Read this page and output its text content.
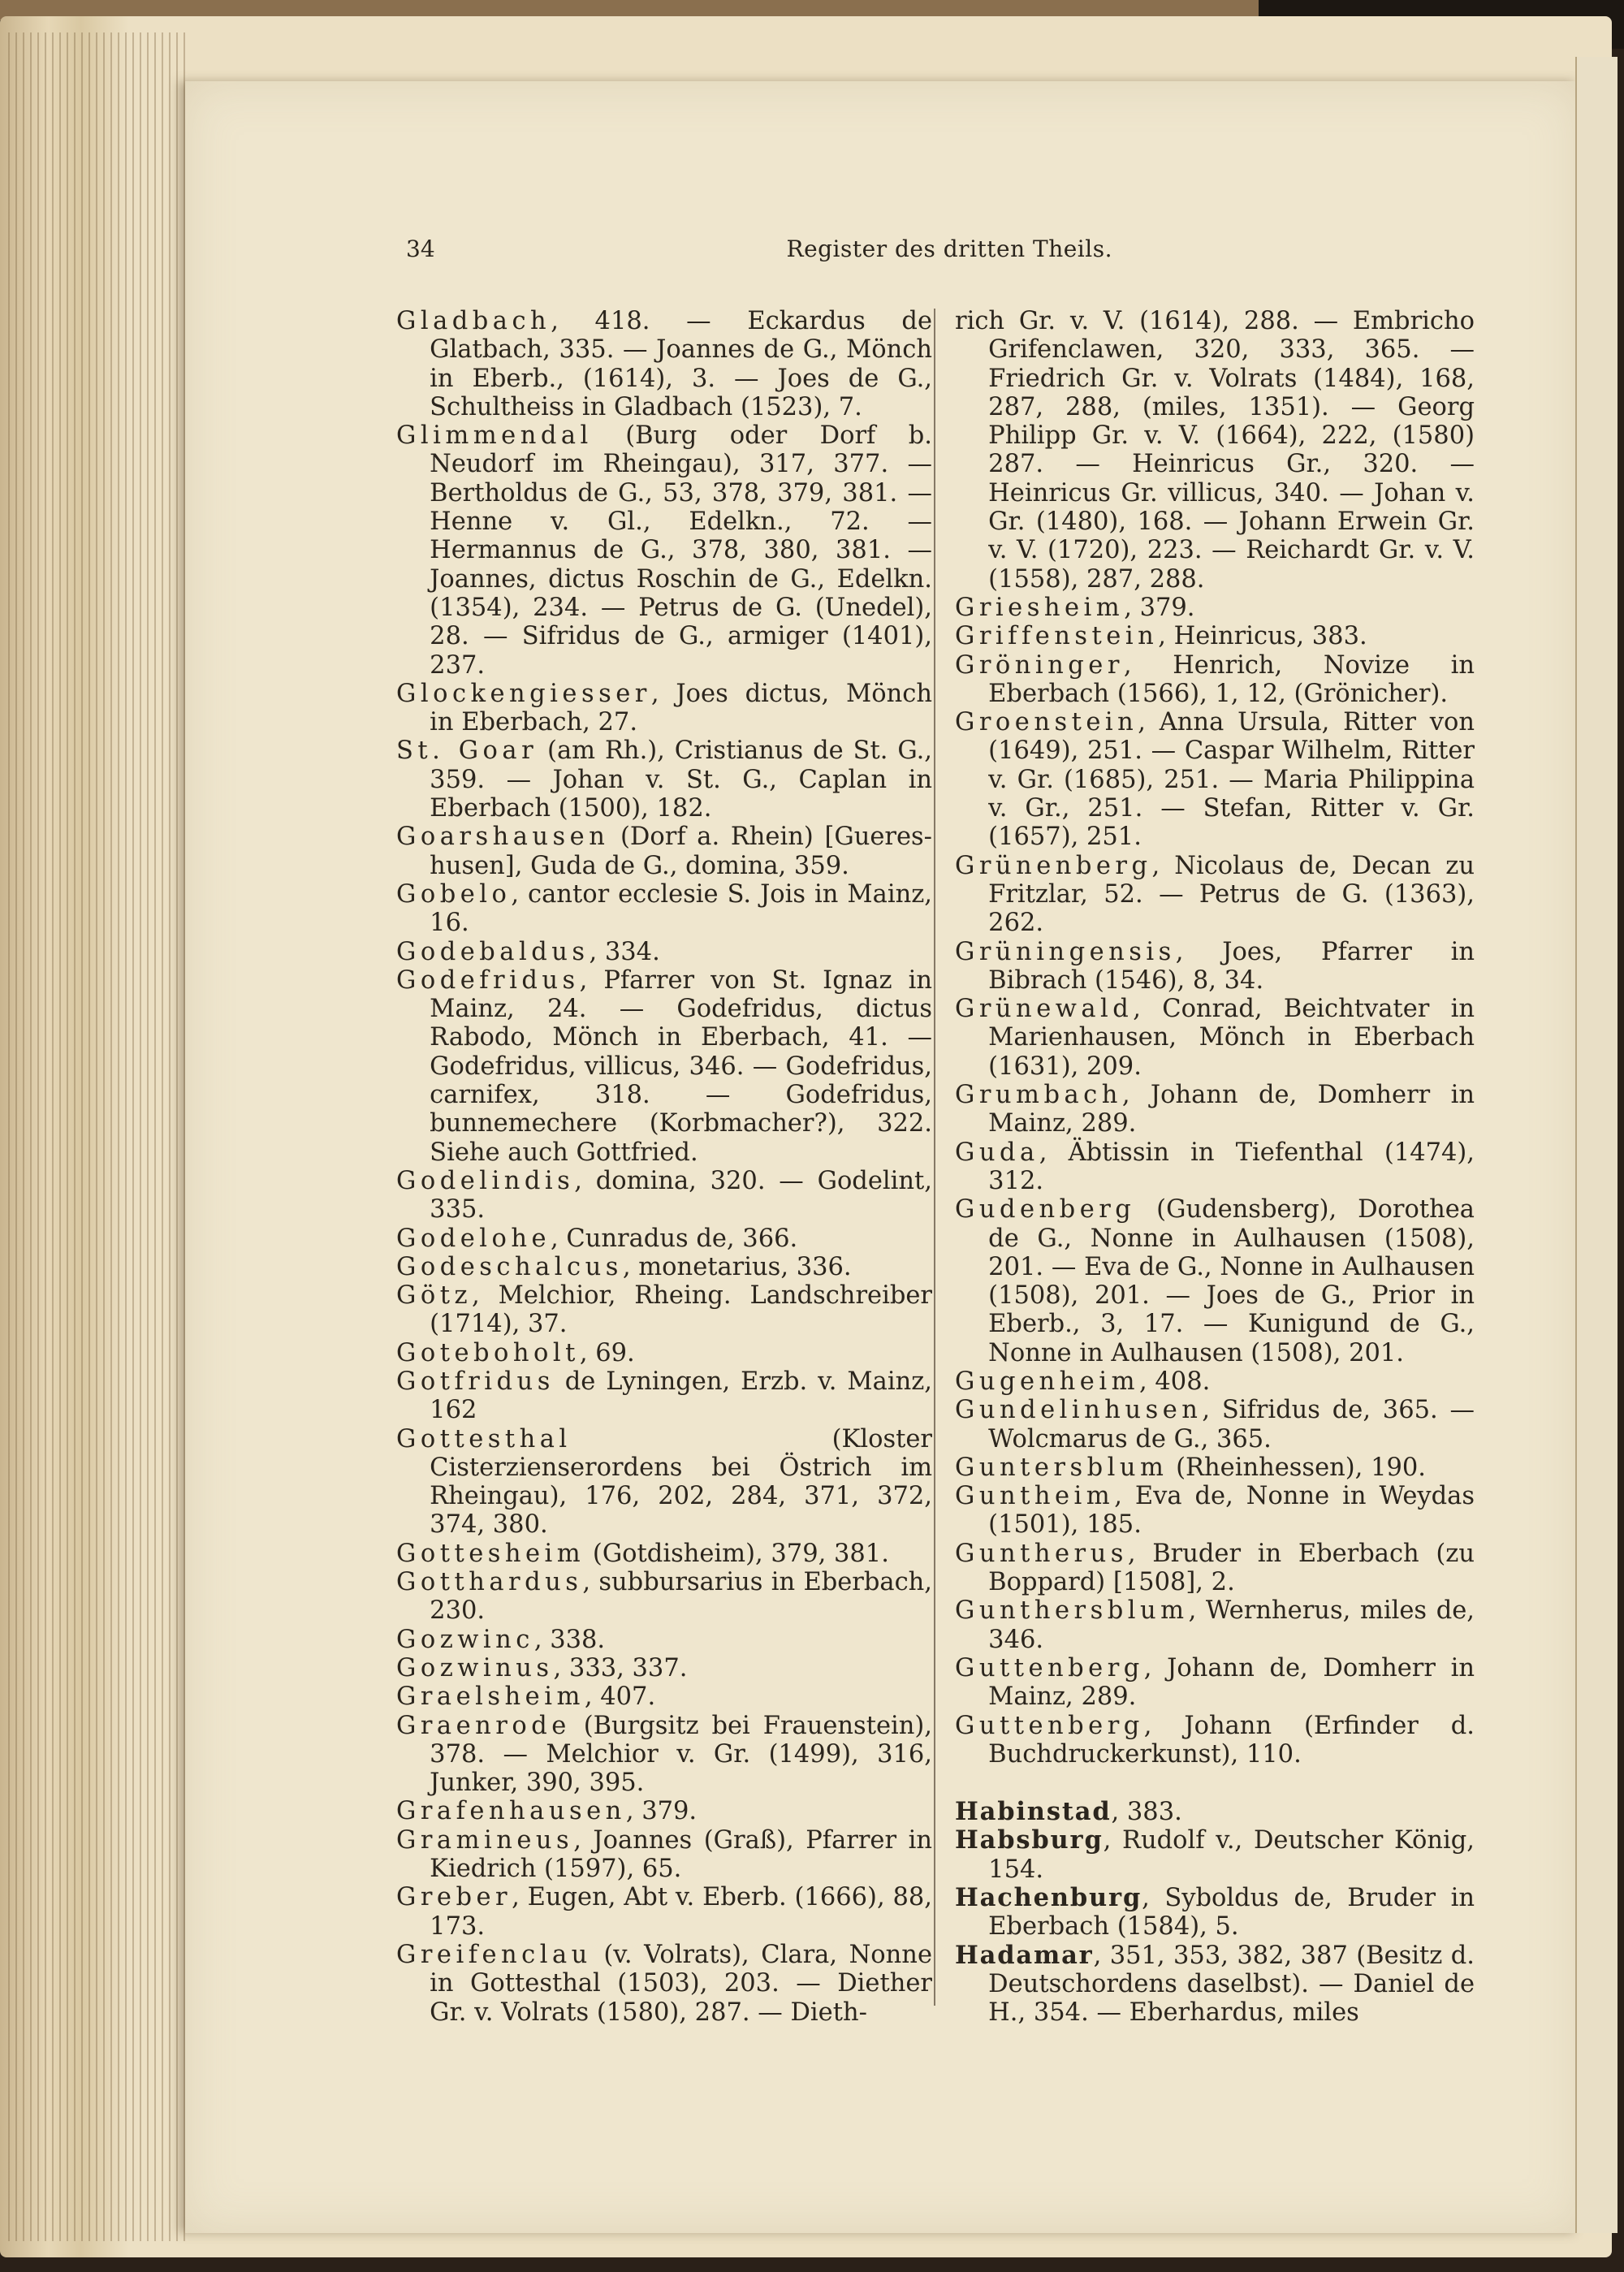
34	Register des dritten Theils.

Gladbach, 418. — Eckardus de Glatbach, 335. — Joannes de G., Mönch in Eberb., (1614), 3. — Joes de G., Schultheiss in Gladbach (1523), 7.

Glimmendal (Burg oder Dorf b. Neudorf im Rheingau), 317, 377. — Bertholdus de G., 53, 378, 379, 381. — Henne v. Gl., Edelkn., 72. — Hermannus de G., 378, 380, 381. — Joannes, dictus Roschin de G., Edelkn. (1354), 234. — Petrus de G. (Unedel), 28. — Sifridus de G., armiger (1401), 237.

Glockengiesser, Joes dictus, Mönch in Eberbach, 27.

St. Goar (am Rh.), Cristianus de St. G., 359. — Johan v. St. G., Caplan in Eberbach (1500), 182.

Goarshausen (Dorf a. Rhein) [Gueres-husen], Guda de G., domina, 359.

Gobelo, cantor ecclesie S. Jois in Mainz, 16.

Godebaldus, 334.

Godefridus, Pfarrer von St. Ignaz in Mainz, 24. — Godefridus, dictus Rabodo, Mönch in Eberbach, 41. — Godefridus, villicus, 346. — Godefridus, carnifex, 318. — Godefridus, bunnemechere (Korbmacher?), 322. Siehe auch Gottfried.

Godelindis, domina, 320. — Godelint, 335.

Godelohe, Cunradus de, 366.

Godeschalcus, monetarius, 336.

Götz, Melchior, Rheing. Landschreiber (1714), 37.

Goteboholt, 69.

Gotfridus de Lyningen, Erzb. v. Mainz, 162

Gottesthal (Kloster Cisterzienserordens bei Östrich im Rheingau), 176, 202, 284, 371, 372, 374, 380.

Gottesheim (Gotdisheim), 379, 381.

Gotthardus, subbursarius in Eberbach, 230.

Gozwinc, 338.

Gozwinus, 333, 337.

Graelsheim, 407.

Graenrode (Burgsitz bei Frauenstein), 378. — Melchior v. Gr. (1499), 316, Junker, 390, 395.

Grafenhausen, 379.

Gramineus, Joannes (Graß), Pfarrer in Kiedrich (1597), 65.

Greber, Eugen, Abt v. Eberb. (1666), 88, 173.

Greifenclau (v. Volrats), Clara, Nonne in Gottesthal (1503), 203. — Diether Gr. v. Volrats (1580), 287. — Dieth-

rich Gr. v. V. (1614), 288. — Embricho Grifenclawen, 320, 333, 365. — Friedrich Gr. v. Volrats (1484), 168, 287, 288, (miles, 1351). — Georg Philipp Gr. v. V. (1664), 222, (1580) 287. — Heinricus Gr., 320. — Heinricus Gr. villicus, 340. — Johan v. Gr. (1480), 168. — Johann Erwein Gr. v. V. (1720), 223. — Reichardt Gr. v. V. (1558), 287, 288.

Griesheim, 379.

Griffenstein, Heinricus, 383.

Gröninger, Henrich, Novize in Eberbach (1566), 1, 12, (Grönicher).

Groenstein, Anna Ursula, Ritter von (1649), 251. — Caspar Wilhelm, Ritter v. Gr. (1685), 251. — Maria Philippina v. Gr., 251. — Stefan, Ritter v. Gr. (1657), 251.

Grünenberg, Nicolaus de, Decan zu Fritzlar, 52. — Petrus de G. (1363), 262.

Grüningensis, Joes, Pfarrer in Bibrach (1546), 8, 34.

Grünewald, Conrad, Beichtvater in Marienhausen, Mönch in Eberbach (1631), 209.

Grumbach, Johann de, Domherr in Mainz, 289.

Guda, Äbtissin in Tiefenthal (1474), 312.

Gudenberg (Gudensberg), Dorothea de G., Nonne in Aulhausen (1508), 201. — Eva de G., Nonne in Aulhausen (1508), 201. — Joes de G., Prior in Eberb., 3, 17. — Kunigund de G., Nonne in Aulhausen (1508), 201.

Gugenheim, 408.

Gundelinhusen, Sifridus de, 365. — Wolcmarus de G., 365.

Guntersblum (Rheinhessen), 190.

Guntheim, Eva de, Nonne in Weydas (1501), 185.

Guntherus, Bruder in Eberbach (zu Boppard) [1508], 2.

Gunthersblum, Wernherus, miles de, 346.

Guttenberg, Johann de, Domherr in Mainz, 289.

Guttenberg, Johann (Erfinder d. Buchdruckerkunst), 110.

Habinstad, 383.

Habsburg, Rudolf v., Deutscher König, 154.

Hachenburg, Syboldus de, Bruder in Eberbach (1584), 5.

Hadamar, 351, 353, 382, 387 (Besitz d. Deutschordens daselbst). — Daniel de H., 354. — Eberhardus, miles
